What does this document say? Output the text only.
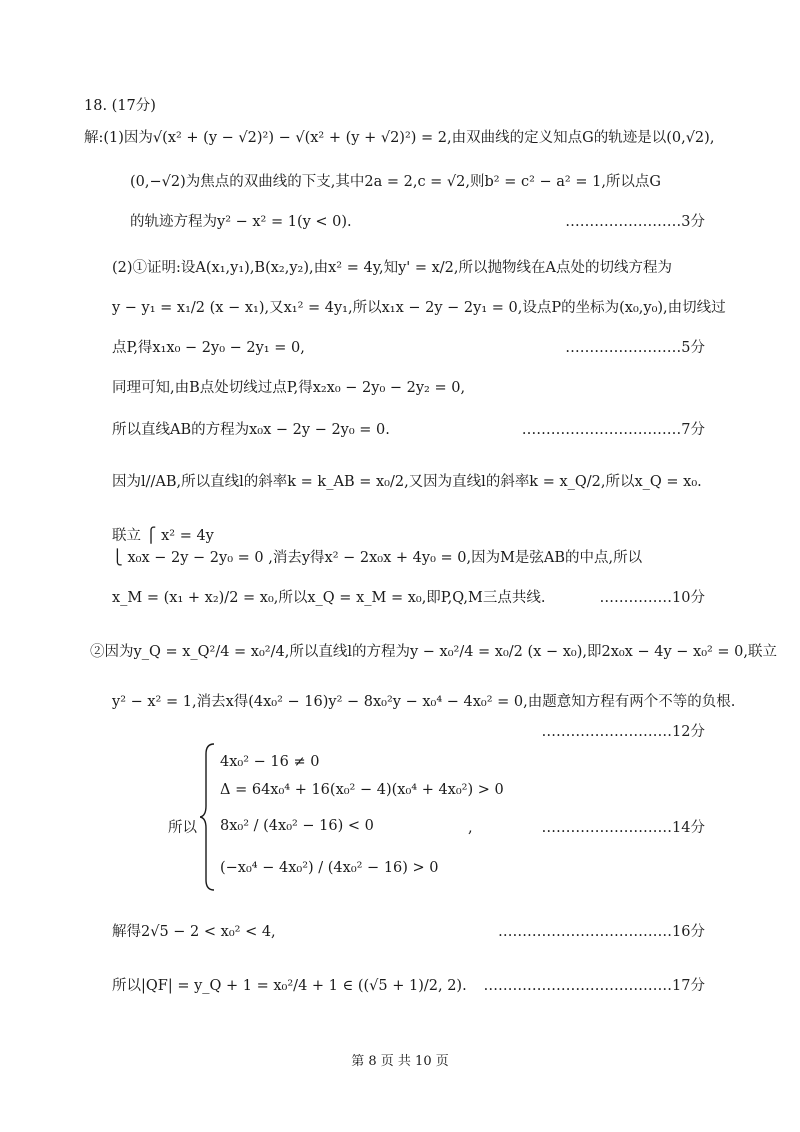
18. (17分)
解:(1)因为√(x² + (y − √2)²) − √(x² + (y + √2)²) = 2,由双曲线的定义知点G的轨迹是以(0,√2),
(0,−√2)为焦点的双曲线的下支,其中2a = 2,c = √2,则b² = c² − a² = 1,所以点G
的轨迹方程为y² − x² = 1(y < 0).	……………………3分
(2)①证明:设A(x₁,y₁),B(x₂,y₂),由x² = 4y,知y' = x/2,所以抛物线在A点处的切线方程为
y − y₁ = x₁/2 (x − x₁),又x₁² = 4y₁,所以x₁x − 2y − 2y₁ = 0,设点P的坐标为(x₀,y₀),由切线过
点P,得x₁x₀ − 2y₀ − 2y₁ = 0,	……………………5分
同理可知,由B点处切线过点P,得x₂x₀ − 2y₀ − 2y₂ = 0,
所以直线AB的方程为x₀x − 2y − 2y₀ = 0.	……………………………7分
因为l//AB,所以直线l的斜率k = k_AB = x₀/2,又因为直线l的斜率k = x_Q/2,所以x_Q = x₀.
联立 ⎧ x² = 4y
⎩ x₀x − 2y − 2y₀ = 0 ,消去y得x² − 2x₀x + 4y₀ = 0,因为M是弦AB的中点,所以
x_M = (x₁ + x₂)/2 = x₀,所以x_Q = x_M = x₀,即P,Q,M三点共线.	……………10分
②因为y_Q = x_Q²/4 = x₀²/4,所以直线l的方程为y − x₀²/4 = x₀/2 (x − x₀),即2x₀x − 4y − x₀² = 0,联立
y² − x² = 1,消去x得(4x₀² − 16)y² − 8x₀²y − x₀⁴ − 4x₀² = 0,由题意知方程有两个不等的负根.
………………………12分
所以
4x₀² − 16 ≠ 0
Δ = 64x₀⁴ + 16(x₀² − 4)(x₀⁴ + 4x₀²) > 0
8x₀² / (4x₀² − 16) < 0
(−x₀⁴ − 4x₀²) / (4x₀² − 16) > 0
,	………………………14分
解得2√5 − 2 < x₀² < 4,	………………………………16分
所以|QF| = y_Q + 1 = x₀²/4 + 1 ∈ ((√5 + 1)/2, 2). …………………………………17分
第 8 页 共 10 页
